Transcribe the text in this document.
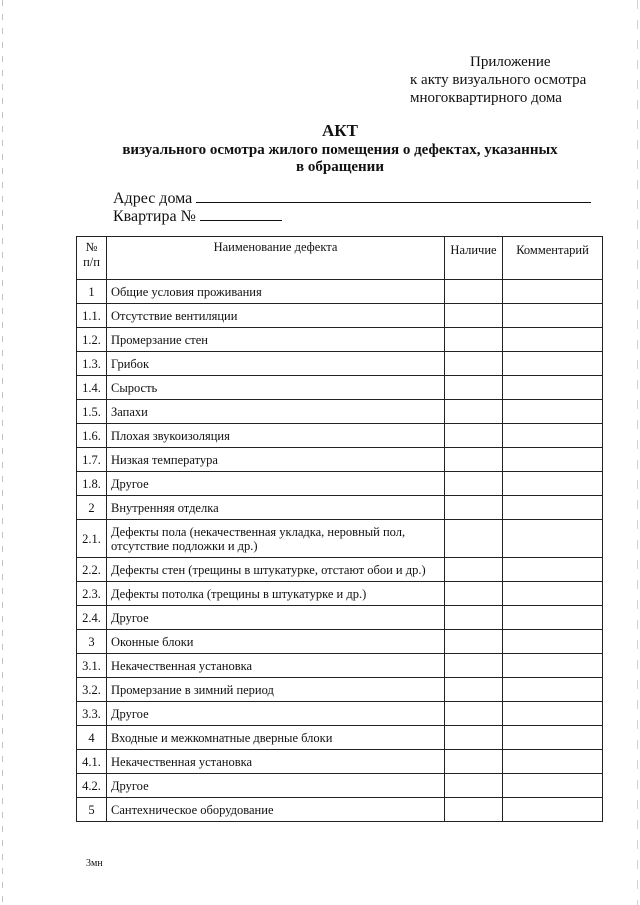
Приложение
к акту визуального осмотра
многоквартирного дома
АКТ
визуального осмотра жилого помещения о дефектах, указанных
в обращении
Адрес дома
Квартира №
№
п/п	Наименование дефекта	Наличие	Комментарий
1	Общие условия проживания		
1.1.	Отсутствие вентиляции		
1.2.	Промерзание стен		
1.3.	Грибок		
1.4.	Сырость		
1.5.	Запахи		
1.6.	Плохая звукоизоляция		
1.7.	Низкая температура		
1.8.	Другое		
2	Внутренняя отделка		
2.1.	Дефекты пола (некачественная укладка, неровный пол, отсутствие подложки и др.)		
2.2.	Дефекты стен (трещины в штукатурке, отстают обои и др.)		
2.3.	Дефекты потолка (трещины в штукатурке и др.)		
2.4.	Другое		
3	Оконные блоки		
3.1.	Некачественная установка		
3.2.	Промерзание в зимний период		
3.3.	Другое		
4	Входные и межкомнатные дверные блоки		
4.1.	Некачественная установка		
4.2.	Другое		
5	Сантехническое оборудование		
3мн
